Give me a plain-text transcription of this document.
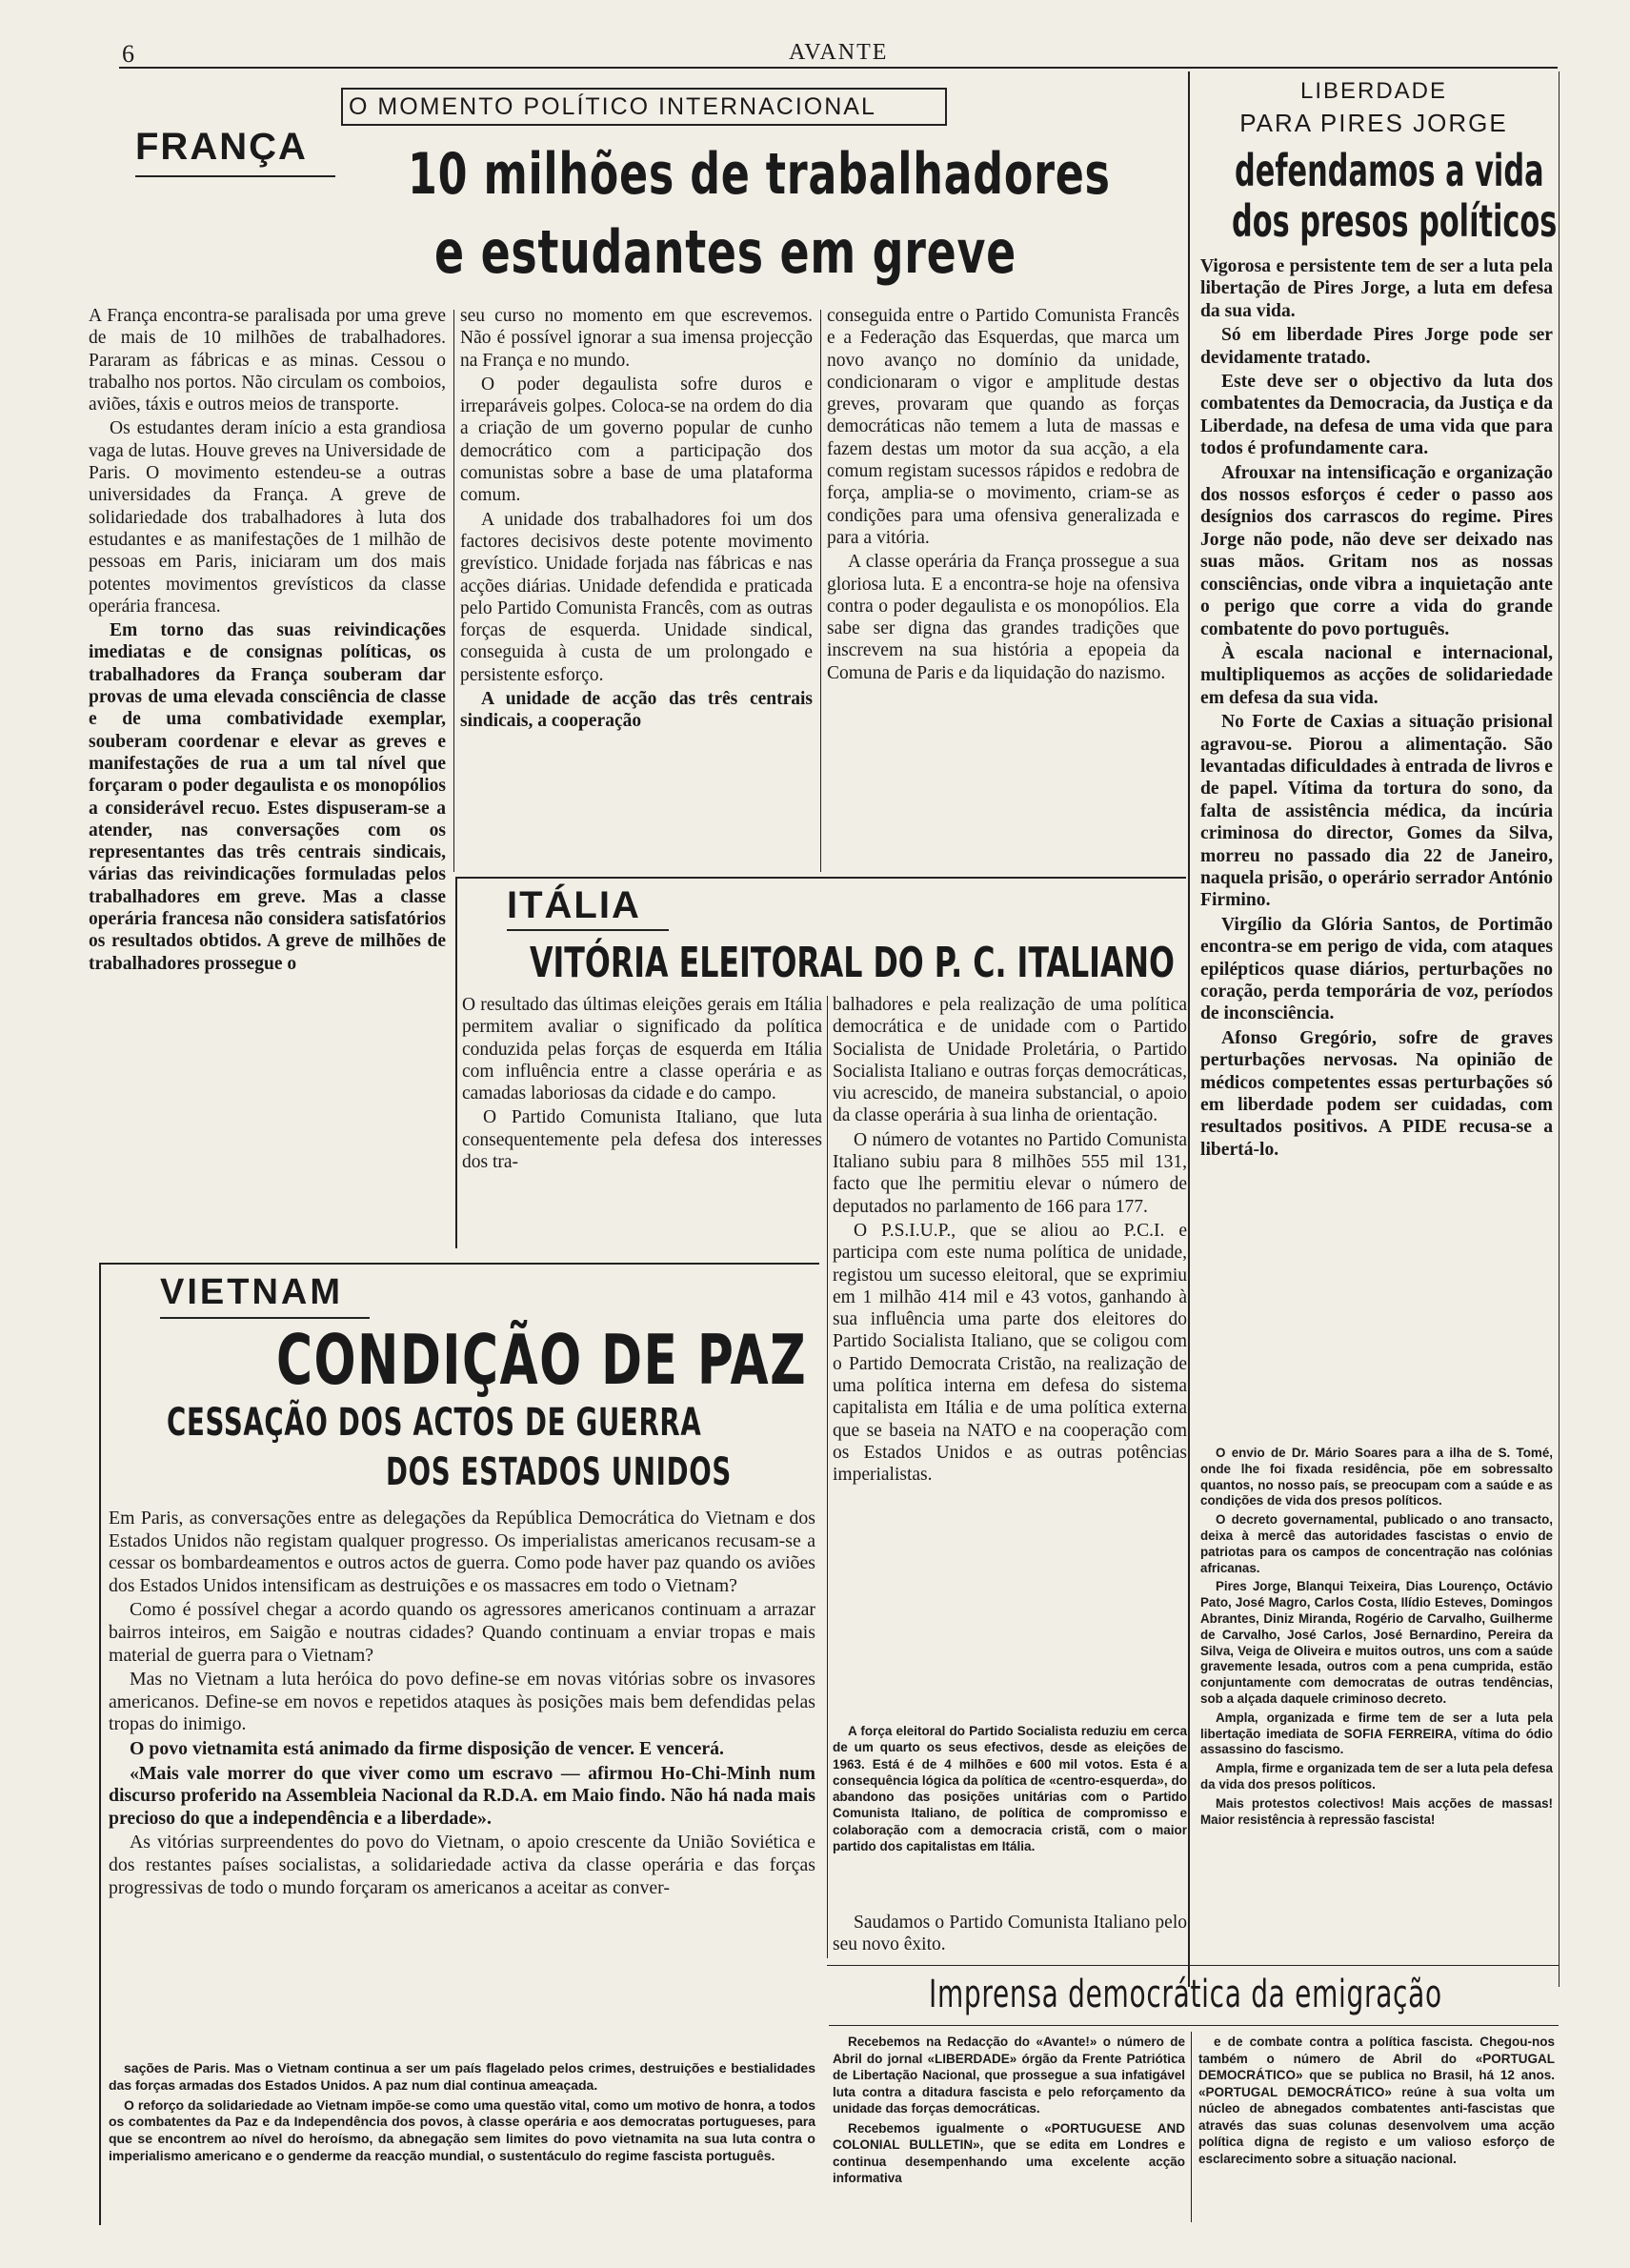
6	AVANTE
O MOMENTO POLÍTICO INTERNACIONAL
FRANÇA 10 milhões de trabalhadores
e estudantes em greve

A França encontra-se paralisada por uma greve de mais de 10 milhões de trabalhadores. Pararam as fábricas e as minas. Cessou o trabalho nos portos. Não circulam os comboios, aviões, táxis e outros meios de transporte.

Os estudantes deram início a esta grandiosa vaga de lutas. Houve greves na Universidade de Paris. O movimento estendeu-se a outras universidades da França. A greve de solidariedade dos trabalhadores à luta dos estudantes e as manifestações de 1 milhão de pessoas em Paris, iniciaram um dos mais potentes movimentos grevísticos da classe operária francesa.

Em torno das suas reivindicações imediatas e de consignas políticas, os trabalhadores da França souberam dar provas de uma elevada consciência de classe e de uma combatividade exemplar, souberam coordenar e elevar as greves e manifestações de rua a um tal nível que forçaram o poder degaulista e os monopólios a considerável recuo. Estes dispuseram-se a atender, nas conversações com os representantes das três centrais sindicais, várias das reivindicações formuladas pelos trabalhadores em greve. Mas a classe operária francesa não considera satisfatórios os resultados obtidos. A greve de milhões de trabalhadores prossegue o

seu curso no momento em que escrevemos. Não é possível ignorar a sua imensa projecção na França e no mundo.

O poder degaulista sofre duros e irreparáveis golpes. Coloca-se na ordem do dia a criação de um governo popular de cunho democrático com a participação dos comunistas sobre a base de uma plataforma comum.

A unidade dos trabalhadores foi um dos factores decisivos deste potente movimento grevístico. Unidade forjada nas fábricas e nas acções diárias. Unidade defendida e praticada pelo Partido Comunista Francês, com as outras forças de esquerda. Unidade sindical, conseguida à custa de um prolongado e persistente esforço.

A unidade de acção das três centrais sindicais, a cooperação

conseguida entre o Partido Comunista Francês e a Federação das Esquerdas, que marca um novo avanço no domínio da unidade, condicionaram o vigor e amplitude destas greves, provaram que quando as forças democráticas não temem a luta de massas e fazem destas um motor da sua acção, a ela comum registam sucessos rápidos e redobra de força, amplia-se o movimento, criam-se as condições para uma ofensiva generalizada e para a vitória.

A classe operária da França prossegue a sua gloriosa luta. E a encontra-se hoje na ofensiva contra o poder degaulista e os monopólios. Ela sabe ser digna das grandes tradições que inscrevem na sua história a epopeia da Comuna de Paris e da liquidação do nazismo.

ITÁLIA
VITÓRIA ELEITORAL DO P. C. ITALIANO

O resultado das últimas eleições gerais em Itália permitem avaliar o significado da política conduzida pelas forças de esquerda em Itália com influência entre a classe operária e as camadas laboriosas da cidade e do campo.

O Partido Comunista Italiano, que luta consequentemente pela defesa dos interesses dos tra-

balhadores e pela realização de uma política democrática e de unidade com o Partido Socialista de Unidade Proletária, o Partido Socialista Italiano e outras forças democráticas, viu acrescido, de maneira substancial, o apoio da classe operária à sua linha de orientação.

O número de votantes no Partido Comunista Italiano subiu para 8 milhões 555 mil 131, facto que lhe permitiu elevar o número de deputados no parlamento de 166 para 177.

O P.S.I.U.P., que se aliou ao P.C.I. e participa com este numa política de unidade, registou um sucesso eleitoral, que se exprimiu em 1 milhão 414 mil e 43 votos, ganhando à sua influência uma parte dos eleitores do Partido Socialista Italiano, que se coligou com o Partido Democrata Cristão, na realização de uma política interna em defesa do sistema capitalista em Itália e de uma política externa que se baseia na NATO e na cooperação com os Estados Unidos e as outras potências imperialistas.

A força eleitoral do Partido Socialista reduziu em cerca de um quarto os seus efectivos, desde as eleições de 1963. Está é de 4 milhões e 600 mil votos. Esta é a consequência lógica da política de «centro-esquerda», do abandono das posições unitárias com o Partido Comunista Italiano, de política de compromisso e colaboração com a democracia cristã, com o maior partido dos capitalistas em Itália.

Saudamos o Partido Comunista Italiano pelo seu novo êxito.

VIETNAM
CONDIÇÃO DE PAZ
CESSAÇÃO DOS ACTOS DE GUERRA
DOS ESTADOS UNIDOS

Em Paris, as conversações entre as delegações da República Democrática do Vietnam e dos Estados Unidos não registam qualquer progresso. Os imperialistas americanos recusam-se a cessar os bombardeamentos e outros actos de guerra. Como pode haver paz quando os aviões dos Estados Unidos intensificam as destruições e os massacres em todo o Vietnam?

Como é possível chegar a acordo quando os agressores americanos continuam a arrazar bairros inteiros, em Saigão e noutras cidades? Quando continuam a enviar tropas e mais material de guerra para o Vietnam?

Mas no Vietnam a luta heróica do povo define-se em novas vitórias sobre os invasores americanos. Define-se em novos e repetidos ataques às posições mais bem defendidas pelas tropas do inimigo.

O povo vietnamita está animado da firme disposição de vencer. E vencerá.

«Mais vale morrer do que viver como um escravo — afirmou Ho-Chi-Minh num discurso proferido na Assembleia Nacional da R.D.A. em Maio findo. Não há nada mais precioso do que a independência e a liberdade».

As vitórias surpreendentes do povo do Vietnam, o apoio crescente da União Soviética e dos restantes países socialistas, a solidariedade activa da classe operária e das forças progressivas de todo o mundo forçaram os americanos a aceitar as conver-

sações de Paris. Mas o Vietnam continua a ser um país flagelado pelos crimes, destruições e bestialidades das forças armadas dos Estados Unidos. A paz num dial continua ameaçada.

O reforço da solidariedade ao Vietnam impõe-se como uma questão vital, como um motivo de honra, a todos os combatentes da Paz e da Independência dos povos, à classe operária e aos democratas portugueses, para que se encontrem ao nível do heroísmo, da abnegação sem limites do povo vietnamita na sua luta contra o imperialismo americano e o genderme da reacção mundial, o sustentáculo do regime fascista português.

LIBERDADE
PARA PIRES JORGE
defendamos a vida
dos presos políticos

Vigorosa e persistente tem de ser a luta pela libertação de Pires Jorge, a luta em defesa da sua vida.

Só em liberdade Pires Jorge pode ser devidamente tratado.

Este deve ser o objectivo da luta dos combatentes da Democracia, da Justiça e da Liberdade, na defesa de uma vida que para todos é profundamente cara.

Afrouxar na intensificação e organização dos nossos esforços é ceder o passo aos desígnios dos carrascos do regime. Pires Jorge não pode, não deve ser deixado nas suas mãos. Gritam nos as nossas consciências, onde vibra a inquietação ante o perigo que corre a vida do grande combatente do povo português.

À escala nacional e internacional, multipliquemos as acções de solidariedade em defesa da sua vida.

No Forte de Caxias a situação prisional agravou-se. Piorou a alimentação. São levantadas dificuldades à entrada de livros e de papel. Vítima da tortura do sono, da falta de assistência médica, da incúria criminosa do director, Gomes da Silva, morreu no passado dia 22 de Janeiro, naquela prisão, o operário serrador António Firmino.

Virgílio da Glória Santos, de Portimão encontra-se em perigo de vida, com ataques epilépticos quase diários, perturbações no coração, perda temporária de voz, períodos de inconsciência.

Afonso Gregório, sofre de graves perturbações nervosas. Na opinião de médicos competentes essas perturbações só em liberdade podem ser cuidadas, com resultados positivos. A PIDE recusa-se a libertá-lo.

O envio de Dr. Mário Soares para a ilha de S. Tomé, onde lhe foi fixada residência, põe em sobressalto quantos, no nosso país, se preocupam com a saúde e as condições de vida dos presos políticos.

O decreto governamental, publicado o ano transacto, deixa à mercê das autoridades fascistas o envio de patriotas para os campos de concentração nas colónias africanas.

Pires Jorge, Blanqui Teixeira, Dias Lourenço, Octávio Pato, José Magro, Carlos Costa, Ilídio Esteves, Domingos Abrantes, Diniz Miranda, Rogério de Carvalho, Guilherme de Carvalho, José Carlos, José Bernardino, Pereira da Silva, Veiga de Oliveira e muitos outros, uns com a saúde gravemente lesada, outros com a pena cumprida, estão conjuntamente com democratas de outras tendências, sob a alçada daquele criminoso decreto.

Ampla, organizada e firme tem de ser a luta pela libertação imediata de SOFIA FERREIRA, vítima do ódio assassino do fascismo.

Ampla, firme e organizada tem de ser a luta pela defesa da vida dos presos políticos.

Mais protestos colectivos! Mais acções de massas! Maior resistência à repressão fascista!

Imprensa democrática da emigração

Recebemos na Redacção do «Avante!» o número de Abril do jornal «LIBERDADE» órgão da Frente Patriótica de Libertação Nacional, que prossegue a sua infatigável luta contra a ditadura fascista e pelo reforçamento da unidade das forças democráticas.

Recebemos igualmente o «PORTUGUESE AND COLONIAL BULLETIN», que se edita em Londres e continua desempenhando uma excelente acção informativa

e de combate contra a política fascista. Chegou-nos também o número de Abril do «PORTUGAL DEMOCRÁTICO» que se publica no Brasil, há 12 anos. «PORTUGAL DEMOCRÁTICO» reúne à sua volta um núcleo de abnegados combatentes anti-fascistas que através das suas colunas desenvolvem uma acção política digna de registo e um valioso esforço de esclarecimento sobre a situação nacional.
